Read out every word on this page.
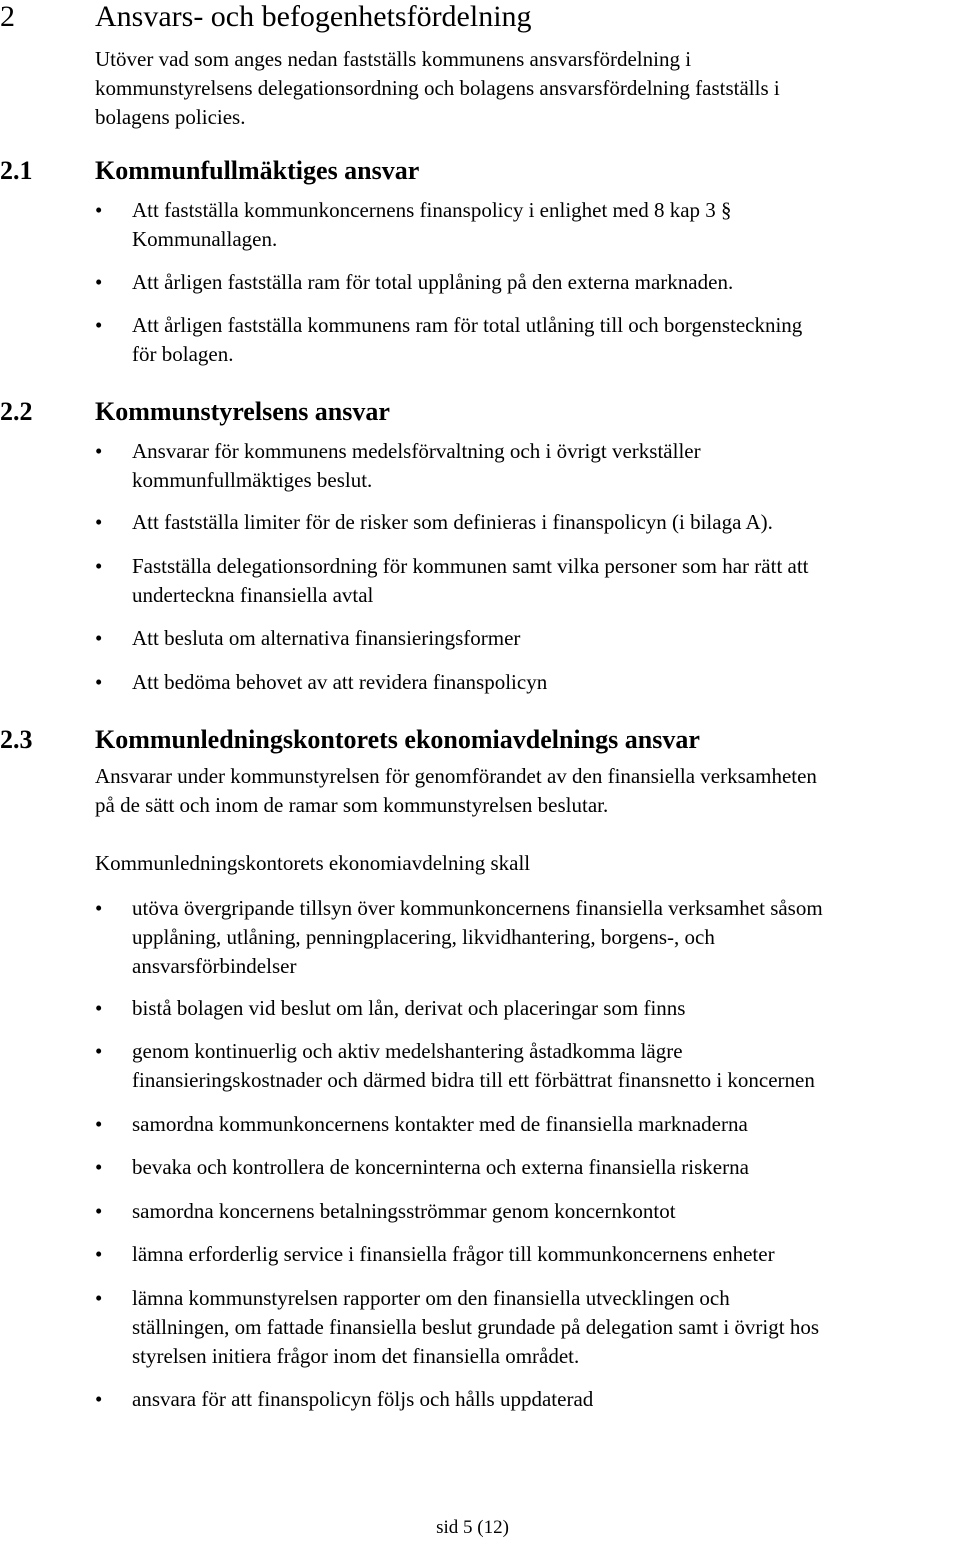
2	Ansvars- och befogenhetsfördelning
Utöver vad som anges nedan fastställs kommunens ansvarsfördelning i
kommunstyrelsens delegationsordning och bolagens ansvarsfördelning fastställs i
bolagens policies.
2.1 Kommunfullmäktiges ansvar
• Att fastställa kommunkoncernens finanspolicy i enlighet med 8 kap 3 §
Kommunallagen.
• Att årligen fastställa ram för total upplåning på den externa marknaden.
• Att årligen fastställa kommunens ram för total utlåning till och borgensteckning
för bolagen.
2.2 Kommunstyrelsens ansvar
• Ansvarar för kommunens medelsförvaltning och i övrigt verkställer
kommunfullmäktiges beslut.
• Att fastställa limiter för de risker som definieras i finanspolicyn (i bilaga A).
• Fastställa delegationsordning för kommunen samt vilka personer som har rätt att
underteckna finansiella avtal
• Att besluta om alternativa finansieringsformer
• Att bedöma behovet av att revidera finanspolicyn
2.3 Kommunledningskontorets ekonomiavdelnings ansvar
Ansvarar under kommunstyrelsen för genomförandet av den finansiella verksamheten
på de sätt och inom de ramar som kommunstyrelsen beslutar.
Kommunledningskontorets ekonomiavdelning skall
• utöva övergripande tillsyn över kommunkoncernens finansiella verksamhet såsom
upplåning, utlåning, penningplacering, likvidhantering, borgens-, och
ansvarsförbindelser
• bistå bolagen vid beslut om lån, derivat och placeringar som finns
• genom kontinuerlig och aktiv medelshantering åstadkomma lägre
finansieringskostnader och därmed bidra till ett förbättrat finansnetto i koncernen
• samordna kommunkoncernens kontakter med de finansiella marknaderna
• bevaka och kontrollera de koncerninterna och externa finansiella riskerna
• samordna koncernens betalningsströmmar genom koncernkontot
• lämna erforderlig service i finansiella frågor till kommunkoncernens enheter
• lämna kommunstyrelsen rapporter om den finansiella utvecklingen och
ställningen, om fattade finansiella beslut grundade på delegation samt i övrigt hos
styrelsen initiera frågor inom det finansiella området.
• ansvara för att finanspolicyn följs och hålls uppdaterad
sid 5 (12)
